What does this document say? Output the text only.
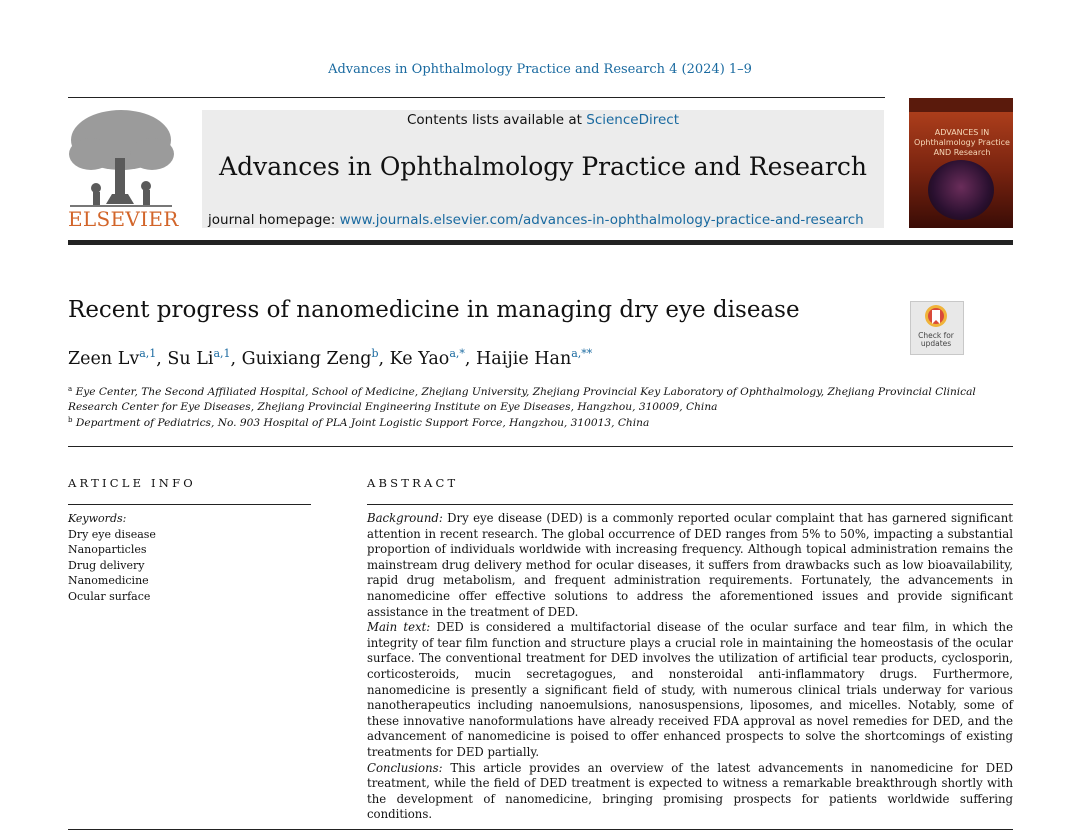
Advances in Ophthalmology Practice and Research 4 (2024) 1–9
ELSEVIER
Contents lists available at ScienceDirect
Advances in Ophthalmology Practice and Research
journal homepage: www.journals.elsevier.com/advances-in-ophthalmology-practice-and-research
ADVANCES IN Ophthalmology Practice AND Research
Recent progress of nanomedicine in managing dry eye disease
Check for updates
Zeen Lv$^{a,1}$, Su Li$^{a,1}$, Guixiang Zeng$^b$, Ke Yao$^{a,*}$, Haijie Han$^{a,**}$
$^a$ Eye Center, The Second Affiliated Hospital, School of Medicine, Zhejiang University, Zhejiang Provincial Key Laboratory of Ophthalmology, Zhejiang Provincial Clinical
Research Center for Eye Diseases, Zhejiang Provincial Engineering Institute on Eye Diseases, Hangzhou, 310009, China
$^b$ Department of Pediatrics, No. 903 Hospital of PLA Joint Logistic Support Force, Hangzhou, 310013, China
ARTICLE INFO	ABSTRACT
Keywords:
Dry eye disease
Nanoparticles
Drug delivery
Nanomedicine
Ocular surface

Background: Dry eye disease (DED) is a commonly reported ocular complaint that has garnered significant attention in recent research. The global occurrence of DED ranges from 5% to 50%, impacting a substantial proportion of individuals worldwide with increasing frequency. Although topical administration remains the mainstream drug delivery method for ocular diseases, it suffers from drawbacks such as low bioavailability, rapid drug metabolism, and frequent administration requirements. Fortunately, the advancements in nanomedicine offer effective solutions to address the aforementioned issues and provide significant assistance in the treatment of DED.

Main text: DED is considered a multifactorial disease of the ocular surface and tear film, in which the integrity of tear film function and structure plays a crucial role in maintaining the homeostasis of the ocular surface. The conventional treatment for DED involves the utilization of artificial tear products, cyclosporin, corticosteroids, mucin secretagogues, and nonsteroidal anti-inflammatory drugs. Furthermore, nanomedicine is presently a significant field of study, with numerous clinical trials underway for various nanotherapeutics including nanoemulsions, nanosuspensions, liposomes, and micelles. Notably, some of these innovative nanoformulations have already received FDA approval as novel remedies for DED, and the advancement of nanomedicine is poised to offer enhanced prospects to solve the shortcomings of existing treatments for DED partially.

Conclusions: This article provides an overview of the latest advancements in nanomedicine for DED treatment, while the field of DED treatment is expected to witness a remarkable breakthrough shortly with the development of nanomedicine, bringing promising prospects for patients worldwide suffering conditions.
